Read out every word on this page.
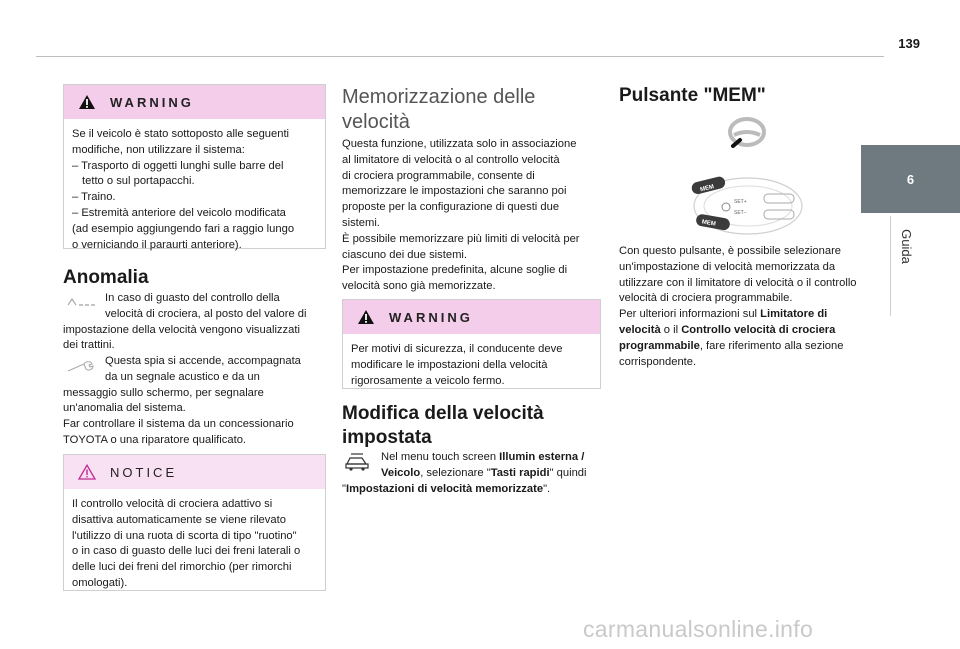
139
6
Guida
WARNING
Se il veicolo è stato sottoposto alle seguenti
modifiche, non utilizzare il sistema:
– Trasporto di oggetti lunghi sulle barre del
tetto o sul portapacchi.
– Traino.
– Estremità anteriore del veicolo modificata
(ad esempio aggiungendo fari a raggio lungo
o verniciando il paraurti anteriore).
Anomalia
In caso di guasto del controllo della
velocità di crociera, al posto del valore di
impostazione della velocità vengono visualizzati
dei trattini.
Questa spia si accende, accompagnata
da un segnale acustico e da un
messaggio sullo schermo, per segnalare
un'anomalia del sistema.
Far controllare il sistema da un concessionario
TOYOTA o una riparatore qualificato.
NOTICE
Il controllo velocità di crociera adattivo si
disattiva automaticamente se viene rilevato
l'utilizzo di una ruota di scorta di tipo "ruotino"
o in caso di guasto delle luci dei freni laterali o
delle luci dei freni del rimorchio (per rimorchi
omologati).
Memorizzazione delle
velocità
Questa funzione, utilizzata solo in associazione
al limitatore di velocità o al controllo velocità
di crociera programmabile, consente di
memorizzare le impostazioni che saranno poi
proposte per la configurazione di questi due
sistemi.
È possibile memorizzare più limiti di velocità per
ciascuno dei due sistemi.
Per impostazione predefinita, alcune soglie di
velocità sono già memorizzate.
WARNING
Per motivi di sicurezza, il conducente deve
modificare le impostazioni della velocità
rigorosamente a veicolo fermo.
Modifica della velocità
impostata
Nel menu touch screen Illumin esterna /
Veicolo, selezionare "Tasti rapidi" quindi
"Impostazioni di velocità memorizzate".
Pulsante "MEM"
MEM
MEM
SET+
SET−
Con questo pulsante, è possibile selezionare
un'impostazione di velocità memorizzata da
utilizzare con il limitatore di velocità o il controllo
velocità di crociera programmabile.
Per ulteriori informazioni sul Limitatore di
velocità o il Controllo velocità di crociera
programmabile, fare riferimento alla sezione
corrispondente.
carmanualsonline.info
